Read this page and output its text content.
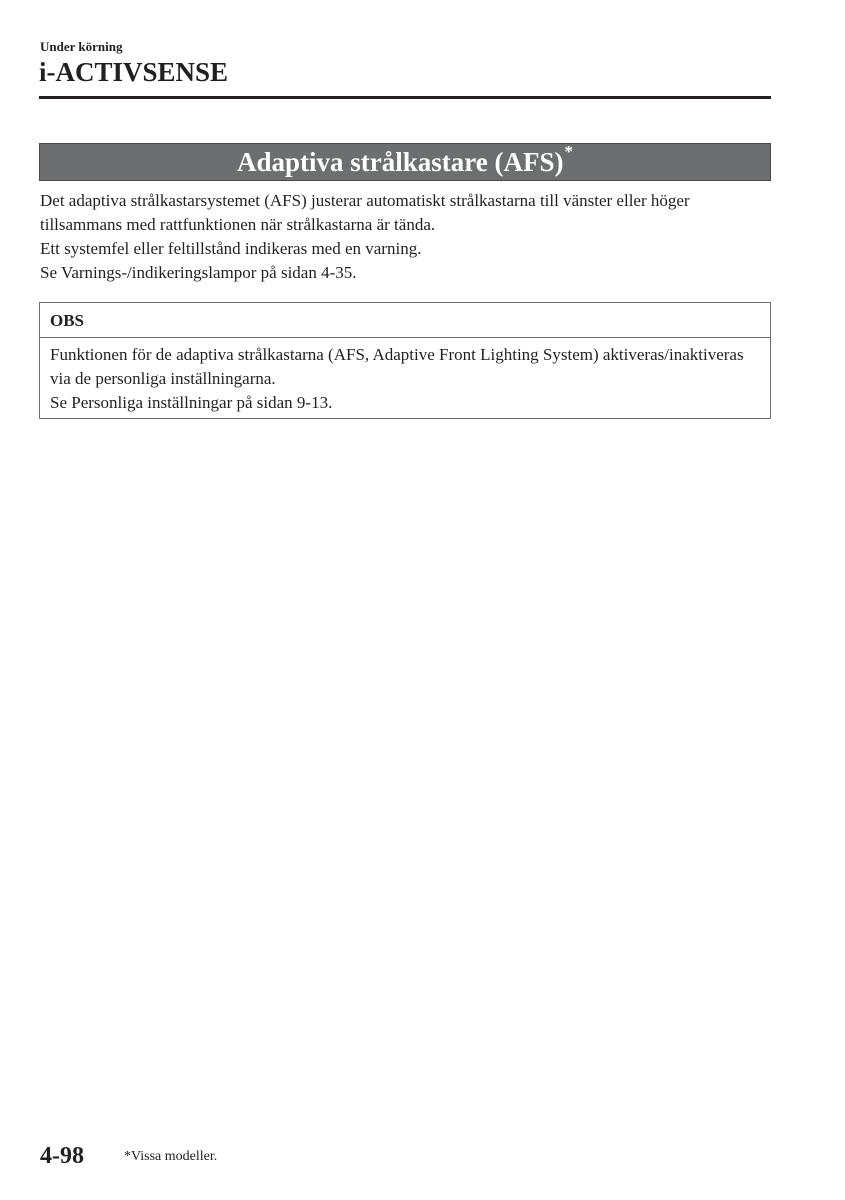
Under körning
i-ACTIVSENSE
Adaptiva strålkastare (AFS) *

Det adaptiva strålkastarsystemet (AFS) justerar automatiskt strålkastarna till vänster eller höger tillsammans med rattfunktionen när strålkastarna är tända.

Ett systemfel eller feltillstånd indikeras med en varning.

Se Varnings-/indikeringslampor på sidan 4-35.

OBS

Funktionen för de adaptiva strålkastarna (AFS, Adaptive Front Lighting System) aktiveras/inaktiveras via de personliga inställningarna.

Se Personliga inställningar på sidan 9-13.

4-98	*Vissa modeller.
